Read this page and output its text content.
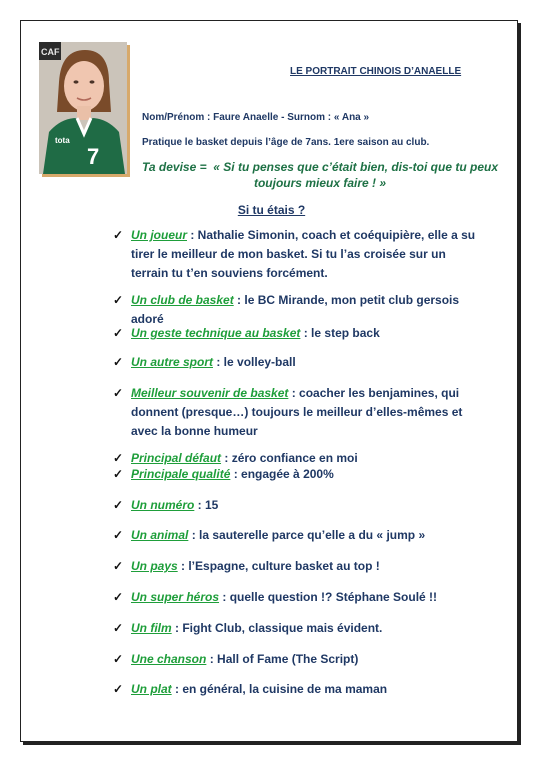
CAF
tota
7
LE PORTRAIT CHINOIS D’ANAELLE
Nom/Prénom : Faure Anaelle - Surnom : « Ana »
Pratique le basket depuis l’âge de 7ans. 1ere saison au club.
Ta devise =  « Si tu penses que c’était bien, dis-toi que tu peux toujours mieux faire ! »
Si tu étais ?
✓ Un joueur : Nathalie Simonin, coach et coéquipière, elle a su tirer le meilleur de mon basket. Si tu l’as croisée sur un terrain tu t’en souviens forcément.
✓ Un club de basket : le BC Mirande, mon petit club gersois adoré
✓ Un geste technique au basket : le step back
✓ Un autre sport : le volley-ball
✓ Meilleur souvenir de basket : coacher les benjamines, qui donnent (presque…) toujours le meilleur d’elles-mêmes et avec la bonne humeur
✓ Principal défaut : zéro confiance en moi
✓ Principale qualité : engagée à 200%
✓ Un numéro : 15
✓ Un animal : la sauterelle parce qu’elle a du « jump »
✓ Un pays : l’Espagne, culture basket au top !
✓ Un super héros : quelle question !? Stéphane Soulé !!
✓ Un film : Fight Club, classique mais évident.
✓ Une chanson : Hall of Fame (The Script)
✓ Un plat : en général, la cuisine de ma maman
